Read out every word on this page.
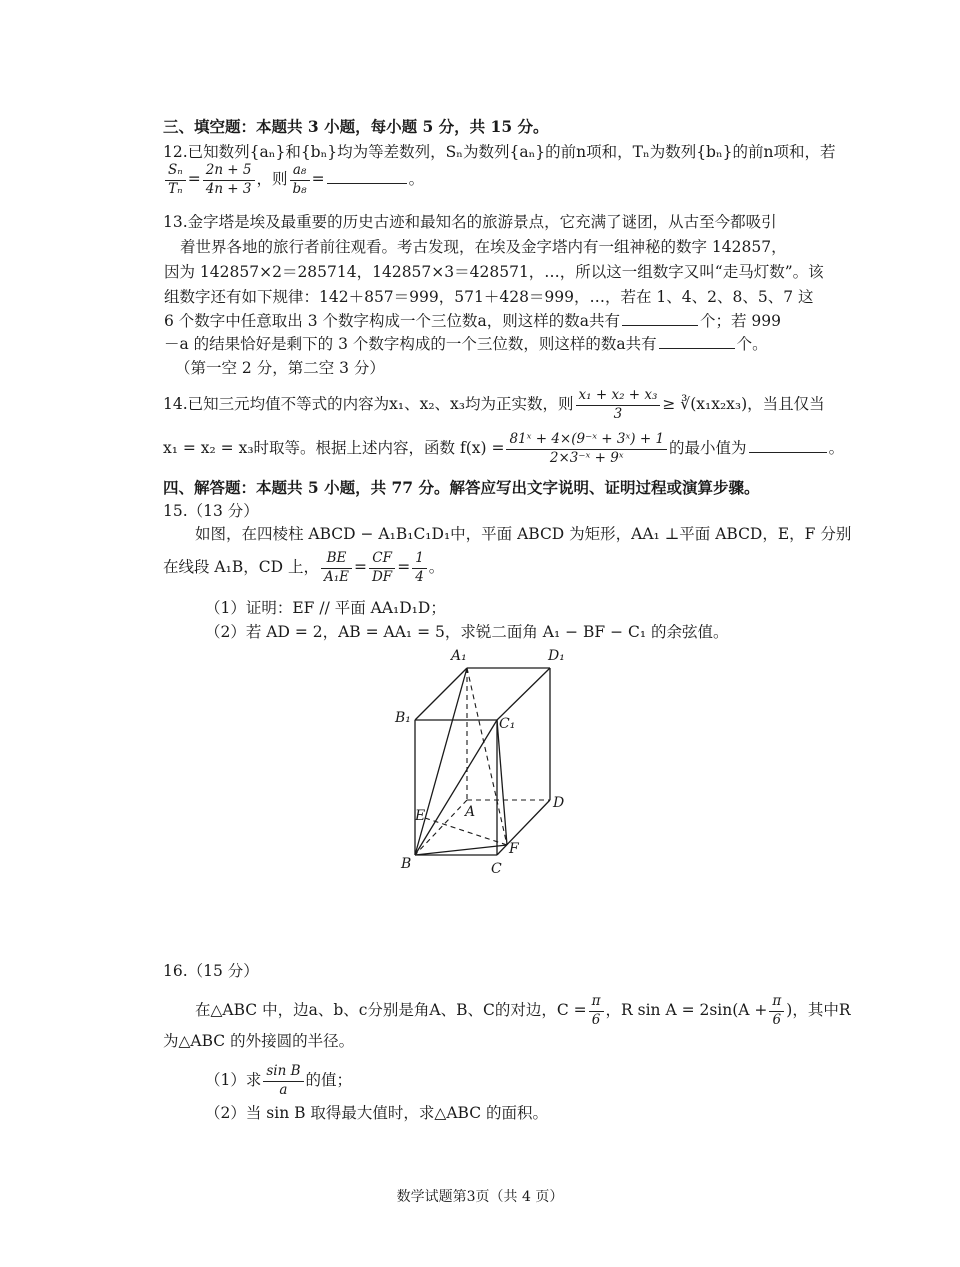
三、填空题：本题共 3 小题，每小题 5 分，共 15 分。
12.已知数列{aₙ}和{bₙ}均为等差数列，Sₙ为数列{aₙ}的前n项和，Tₙ为数列{bₙ}的前n项和，若
$\frac{\text{Sₙ}}{\text{Tₙ}} = \frac{2n + 5}{4n + 3}$ ，则 $\frac{\text{a₈}}{\text{b₈}}$ =	。
13.金字塔是埃及最重要的历史古迹和最知名的旅游景点，它充满了谜团，从古至今都吸引
着世界各地的旅行者前往观看。考古发现，在埃及金字塔内有一组神秘的数字 142857，
因为 142857×2＝285714，142857×3＝428571，…，所以这一组数字又叫“走马灯数”。该
组数字还有如下规律：142＋857＝999，571＋428＝999，…，若在 1、4、2、8、5、7 这
6 个数字中任意取出 3 个数字构成一个三位数a，则这样的数a共有	个；若 999
－a 的结果恰好是剩下的 3 个数字构成的一个三位数，则这样的数a共有	个。
（第一空 2 分，第二空 3 分）
14.已知三元均值不等式的内容为x₁、x₂、x₃均为正实数，则 $\frac{\text{x₁ + x₂ + x₃}}{3}$ ≥ ∛(x₁x₂x₃)，当且仅当
x₁ = x₂ = x₃时取等。根据上述内容，函数 $f(x) = \frac{\text{81ˣ + 4×(9⁻ˣ + 3ˣ) + 1}}{\text{2×3⁻ˣ + 9ˣ}}$ 的最小值为	。
四、解答题：本题共 5 小题，共 77 分。解答应写出文字说明、证明过程或演算步骤。
15.（13 分）
如图，在四棱柱 ABCD − A₁B₁C₁D₁中，平面 ABCD 为矩形，AA₁ ⊥平面 ABCD，E，F 分别
在线段 A₁B，CD 上， $\frac{BE}{\text{A₁E}} = \frac{CF}{DF} = \frac{1}{4}$ 。
（1）证明：EF // 平面 AA₁D₁D；
（2）若 AD = 2，AB = AA₁ = 5，求锐二面角 A₁ − BF − C₁ 的余弦值。
A₁	D₁
B₁	C₁
A
D
B	C
E
F
16.（15 分）
在△ABC 中，边a、b、c分别是角A、B、C的对边，$C = \frac{\pi}{6}$ ，R $\sin A = 2\sin(A + \frac{\pi}{6}$ )，其中R
为△ABC 的外接圆的半径。
（1）求 $\frac{\text{sin B}}{a}$ 的值；
（2）当 sin B 取得最大值时，求△ABC 的面积。
数学试题第3页（共 4 页）
